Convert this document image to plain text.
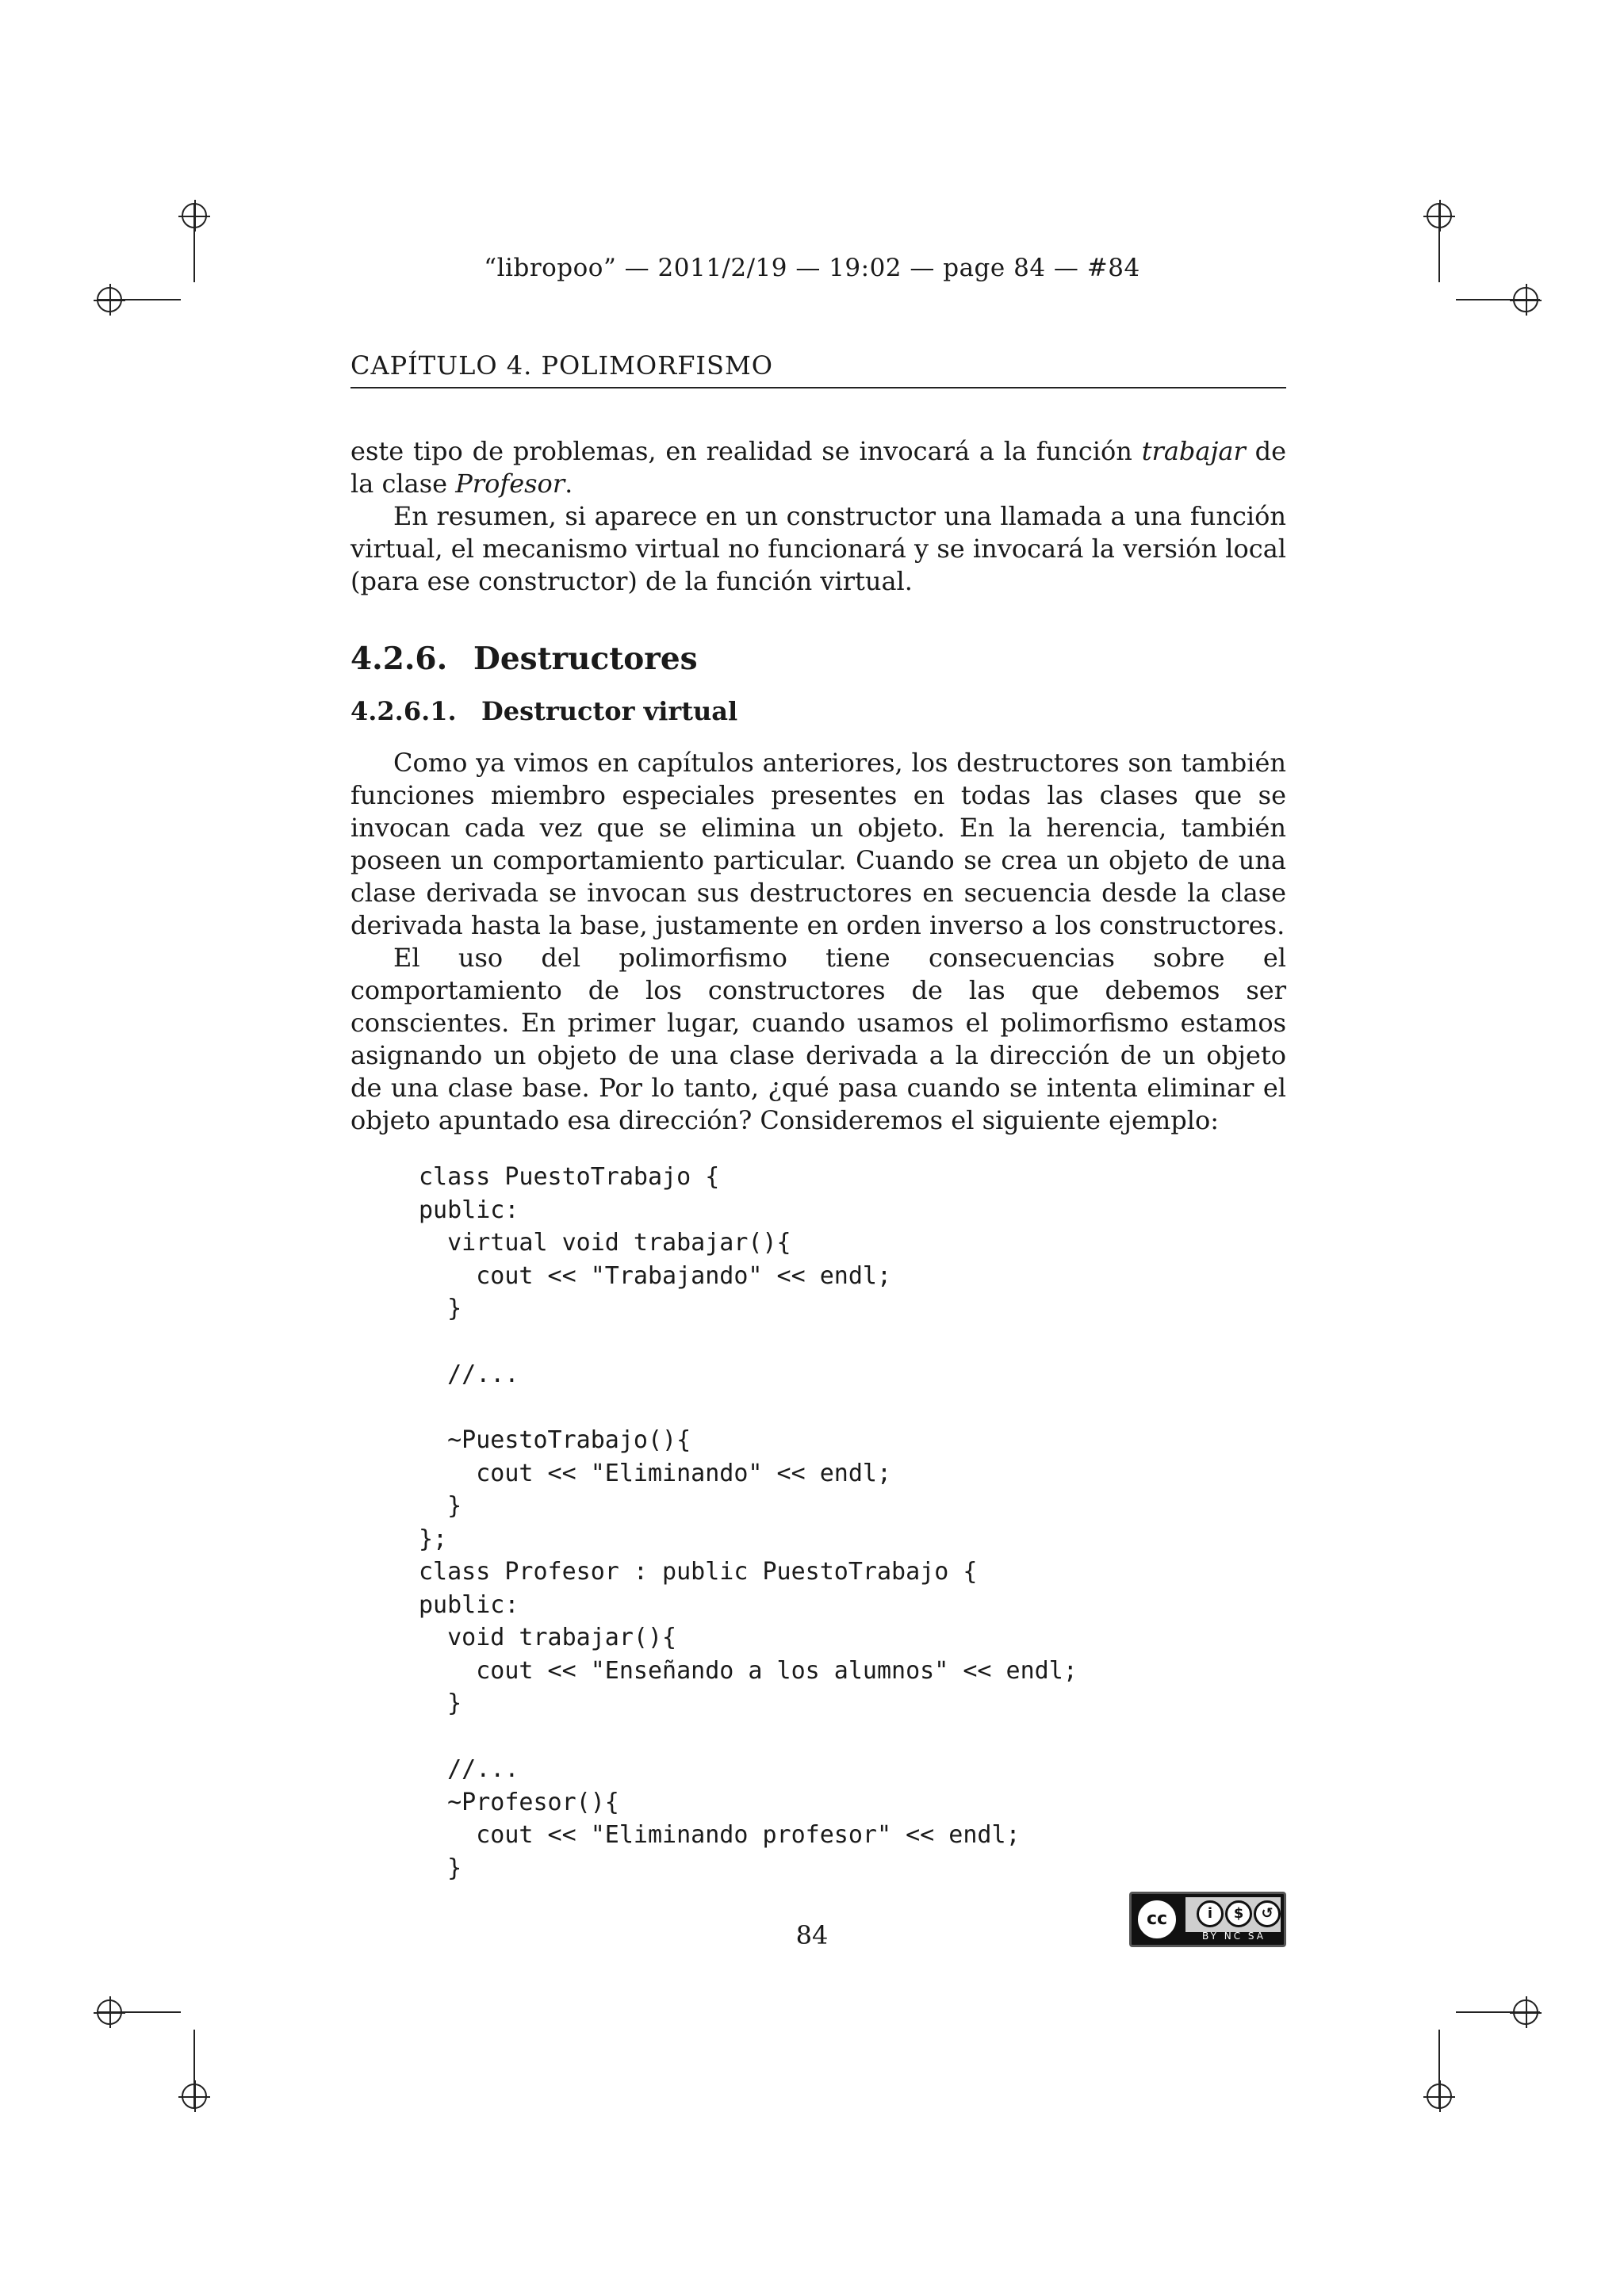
“libropoo” — 2011/2/19 — 19:02 — page 84 — #84
CAPÍTULO 4. POLIMORFISMO

este tipo de problemas, en realidad se invocará a la función trabajar de la clase Profesor.

En resumen, si aparece en un constructor una llamada a una función virtual, el mecanismo virtual no funcionará y se invocará la versión local (para ese constructor) de la función virtual.

4.2.6. Destructores
4.2.6.1. Destructor virtual

Como ya vimos en capítulos anteriores, los destructores son también funciones miembro especiales presentes en todas las clases que se invocan cada vez que se elimina un objeto. En la herencia, también poseen un comportamiento particular. Cuando se crea un objeto de una clase derivada se invocan sus destructores en secuencia desde la clase derivada hasta la base, justamente en orden inverso a los constructores.

El uso del polimorfismo tiene consecuencias sobre el comportamiento de los constructores de las que debemos ser conscientes. En primer lugar, cuando usamos el polimorfismo estamos asignando un objeto de una clase derivada a la dirección de un objeto de una clase base. Por lo tanto, ¿qué pasa cuando se intenta eliminar el objeto apuntado esa dirección? Consideremos el siguiente ejemplo:

class PuestoTrabajo {
public:
virtual void trabajar(){
cout << "Trabajando" << endl;
}

//...

~PuestoTrabajo(){
cout << "Eliminando" << endl;
}
};
class Profesor : public PuestoTrabajo {
public:
void trabajar(){
cout << "Enseñando a los alumnos" << endl;
}

//...
~Profesor(){
cout << "Eliminando profesor" << endl;
}
84
cc	i	$	↺
BY NC SA
